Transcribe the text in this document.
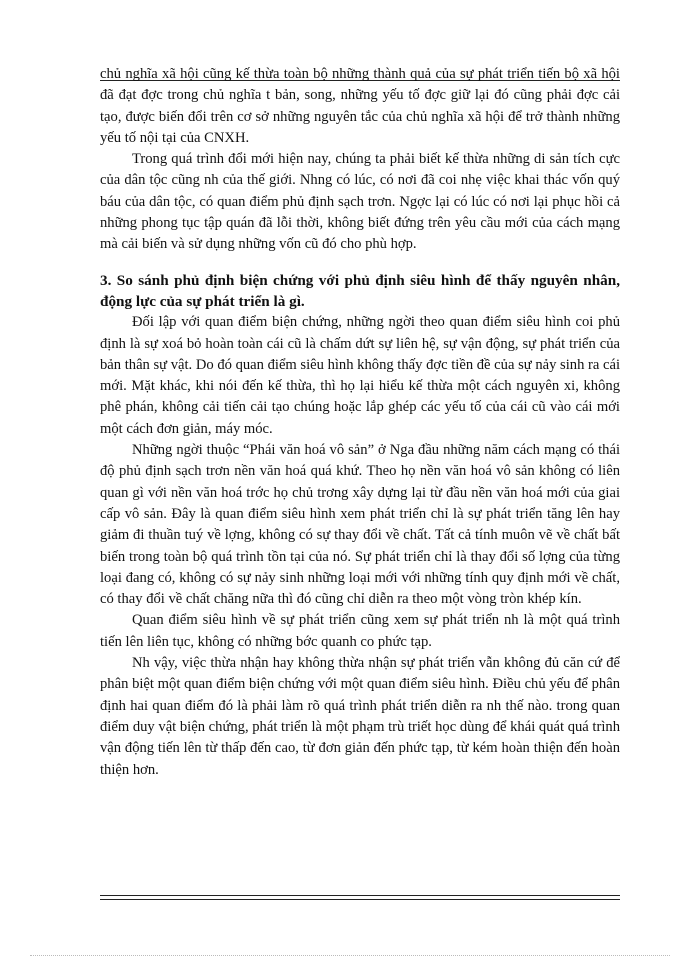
chủ nghĩa xã hội cũng kế thừa toàn bộ những thành quả của sự phát triển tiến bộ xã hội đã đạt đợc trong chủ nghĩa t bản, song, những yếu tố đợc giữ lại đó cũng phải đợc cải tạo, được biến đổi trên cơ sở những nguyên tắc của chủ nghĩa xã hội để trở thành những yếu tố nội tại của CNXH.

Trong quá trình đổi mới hiện nay, chúng ta phải biết kế thừa những di sản tích cực của dân tộc cũng nh của thế giới. Nhng có lúc, có nơi đã coi nhẹ việc khai thác vốn quý báu của dân tộc, có quan điểm phủ định sạch trơn. Ngợc lại có lúc có nơi lại phục hồi cả những phong tục tập quán đã lỗi thời, không biết đứng trên yêu cầu mới của cách mạng mà cải biến và sử dụng những vốn cũ đó cho phù hợp.

3. So sánh phủ định biện chứng với phủ định siêu hình để thấy nguyên nhân, động lực của sự phát triển là gì.

Đối lập với quan điểm biện chứng, những ngời theo quan điểm siêu hình coi phủ định là sự xoá bỏ hoàn toàn cái cũ là chấm dứt sự liên hệ, sự vận động, sự phát triển của bản thân sự vật. Do đó quan điểm siêu hình không thấy đợc tiền đề của sự nảy sinh ra cái mới. Mặt khác, khi nói đến kế thừa, thì họ lại hiểu kế thừa một cách nguyên xi, không phê phán, không cải tiến cải tạo chúng hoặc lắp ghép các yếu tố của cái cũ vào cái mới một cách đơn giản, máy móc.

Những ngời thuộc “Phái văn hoá vô sản” ở Nga đầu những năm cách mạng có thái độ phủ định sạch trơn nền văn hoá quá khứ. Theo họ nền văn hoá vô sản không có liên quan gì với nền văn hoá trớc họ chủ trơng xây dựng lại từ đầu nền văn hoá mới của giai cấp vô sản. Đây là quan điểm siêu hình xem phát triển chỉ là sự phát triển tăng lên hay giảm đi thuần tuý về lợng, không có sự thay đổi về chất. Tất cả tính muôn vẽ về chất bất biến trong toàn bộ quá trình tồn tại của nó. Sự phát triển chỉ là thay đổi số lợng của từng loại đang có, không có sự nảy sinh những loại mới với những tính quy định mới về chất, có thay đổi về chất chăng nữa thì đó cũng chỉ diễn ra theo một vòng tròn khép kín.

Quan điểm siêu hình về sự phát triển cũng xem sự phát triển nh là một quá trình tiến lên liên tục, không có những bớc quanh co phức tạp.

Nh vậy, việc thừa nhận hay không thừa nhận sự phát triển vẫn không đủ căn cứ để phân biệt một quan điểm biện chứng với một quan điểm siêu hình. Điều chủ yếu để phân định hai quan điểm đó là phải làm rõ quá trình phát triển diễn ra nh thế nào. trong quan điểm duy vật biện chứng, phát triển là một phạm trù triết học dùng để khái quát quá trình vận động tiến lên từ thấp đến cao, từ đơn giản đến phức tạp, từ kém hoàn thiện đến hoàn thiện hơn.
